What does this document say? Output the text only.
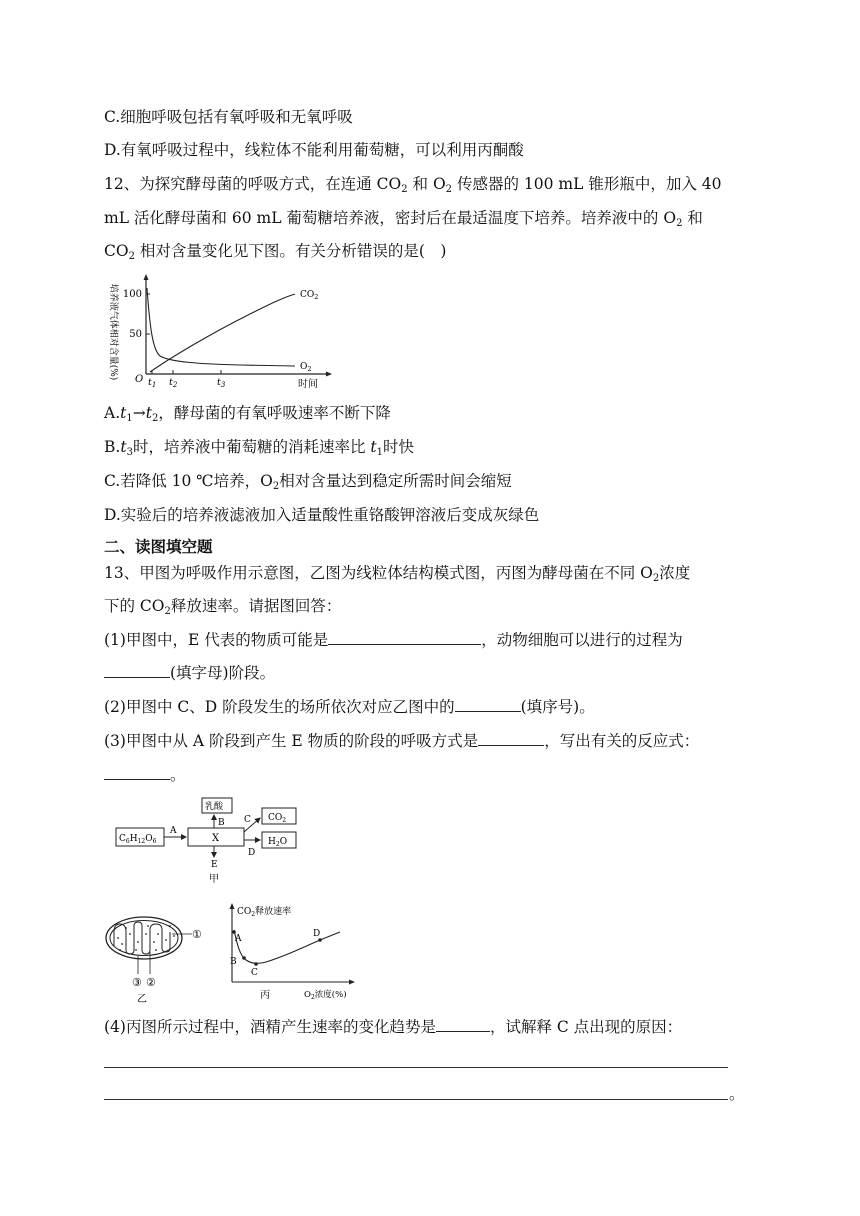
C.细胞呼吸包括有氧呼吸和无氧呼吸
D.有氧呼吸过程中，线粒体不能利用葡萄糖，可以利用丙酮酸
12、为探究酵母菌的呼吸方式，在连通 $CO_2$ 和 $O_2$ 传感器的 100 mL 锥形瓶中，加入 40
mL 活化酵母菌和 60 mL 葡萄糖培养液，密封后在最适温度下培养。培养液中的 $O_2$ 和
$CO_2$ 相对含量变化见下图。有关分析错误的是(　)
培养液气体相对含量(%) 100
50
O $t_1$ $t_2$	$t_3$	时间
$CO_2$
$O_2$
$A.t_1\to t_2$，酵母菌的有氧呼吸速率不断下降
$B.t_3$时，培养液中葡萄糖的消耗速率比 $t_1$时快
C.若降低 10 ℃培养，$O_2$相对含量达到稳定所需时间会缩短
D.实验后的培养液滤液加入适量酸性重铬酸钾溶液后变成灰绿色
二、读图填空题
13、甲图为呼吸作用示意图，乙图为线粒体结构模式图，丙图为酵母菌在不同 $O_2$浓度
下的 $CO_2$释放速率。请据图回答：
(1)甲图中，E 代表的物质可能是	，动物细胞可以进行的过程为
(填字母)阶段。
(2)甲图中 C、D 阶段发生的场所依次对应乙图中的	(填序号)。
(3)甲图中从 A 阶段到产生 E 物质的阶段的呼吸方式是	，写出有关的反应式：
。
$C_6H_{12}O_6$
A
X
乳酸
B	$CO_2$
C
$H_2O$
D
E
甲
①
③ ②
乙
$CO_2$释放速率
A
B
C
D
丙	$O_2$浓度(%)
(4)丙图所示过程中，酒精产生速率的变化趋势是	，试解释 C 点出现的原因：
。
